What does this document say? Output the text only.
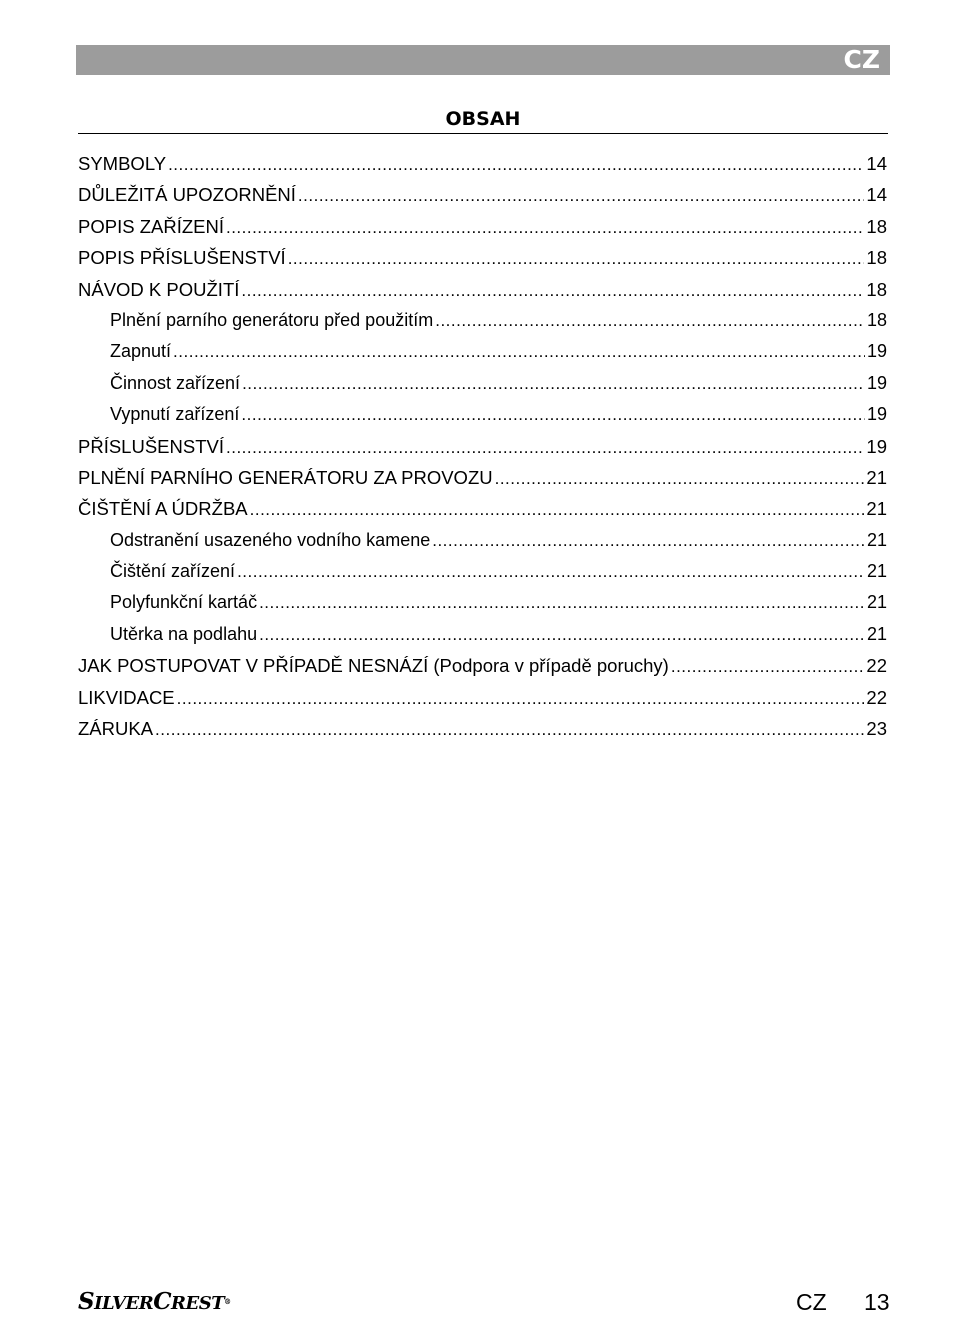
CZ
OBSAH
SYMBOLY .....	14
DŮLEŽITÁ UPOZORNĚNÍ .....	14
POPIS ZAŘÍZENÍ .....	18
POPIS PŘÍSLUŠENSTVÍ .....	18
NÁVOD K POUŽITÍ .....	18
Plnění parního generátoru před použitím .....	18
Zapnutí .....	19
Činnost zařízení .....	19
Vypnutí zařízení .....	19
PŘÍSLUŠENSTVÍ .....	19
PLNĚNÍ PARNÍHO GENERÁTORU ZA PROVOZU .....	21
ČIŠTĚNÍ A ÚDRŽBA .....	21
Odstranění usazeného vodního kamene .....	21
Čištění zařízení .....	21
Polyfunkční kartáč .....	21
Utěrka na podlahu .....	21
JAK POSTUPOVAT V PŘÍPADĚ NESNÁZÍ (Podpora v případě poruchy) .....	22
LIKVIDACE .....	22
ZÁRUKA .....	23
SILVERCREST®	CZ 13
